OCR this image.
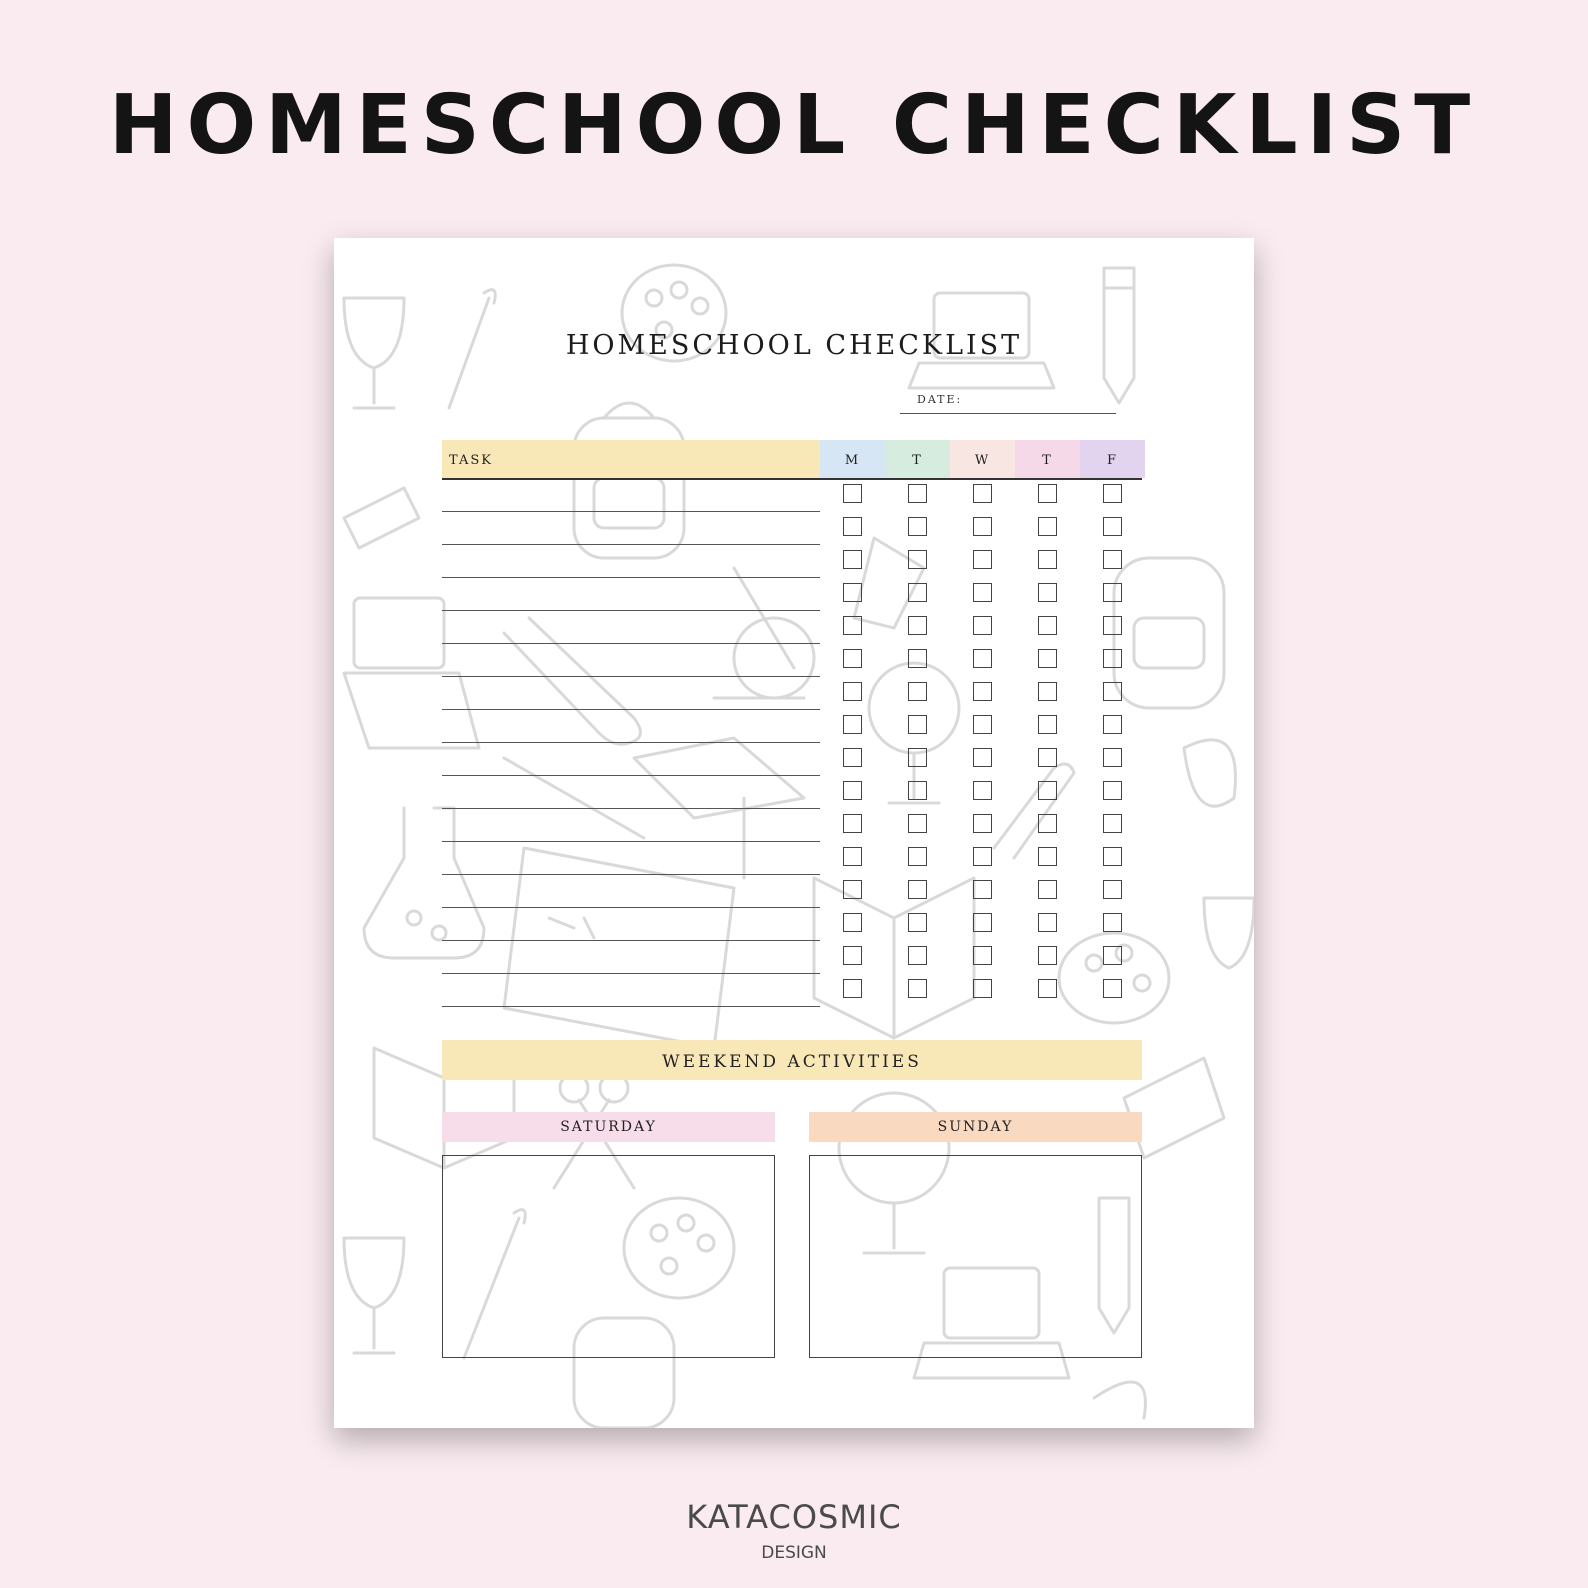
HOMESCHOOL CHECKLIST
HOMESCHOOL CHECKLIST
DATE:
TASK	M	T	W	T	F
WEEKEND ACTIVITIES
SATURDAY	SUNDAY
KATACOSMIC
DESIGN
